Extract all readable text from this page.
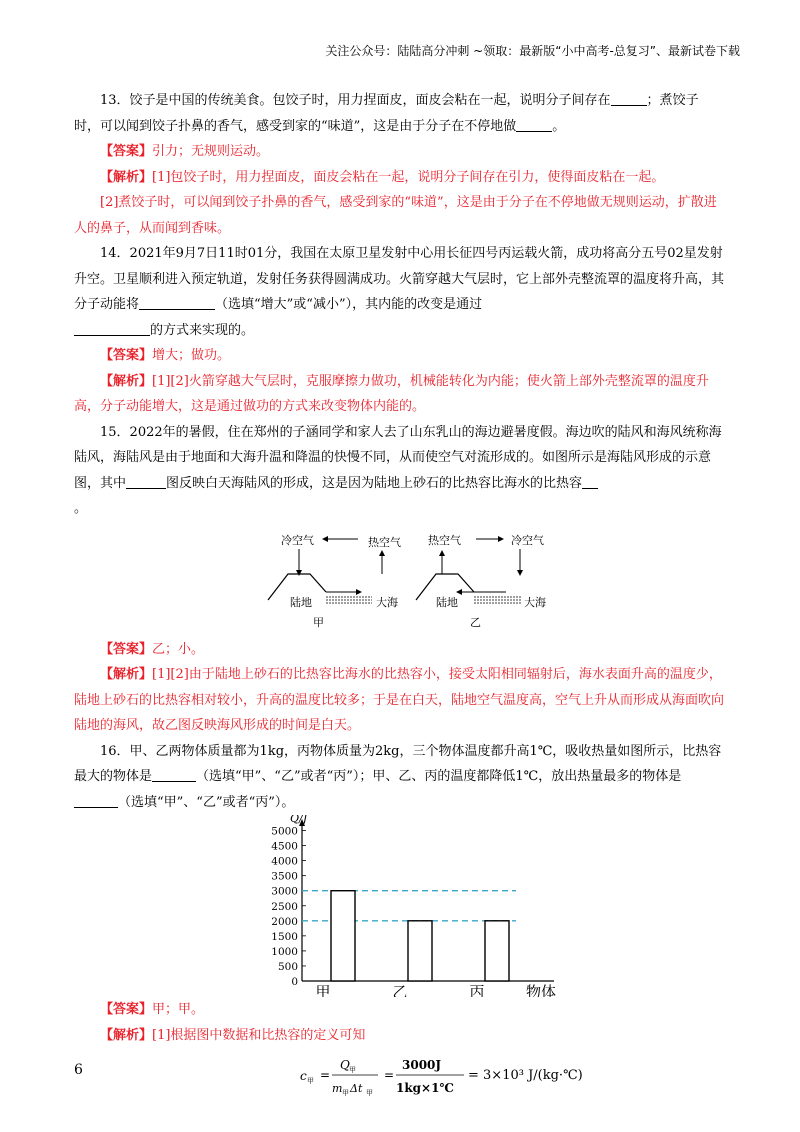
关注公众号：陆陆高分冲刺 ~领取：最新版“小中高考-总复习”、最新试卷下载

13．饺子是中国的传统美食。包饺子时，用力捏面皮，面皮会粘在一起，说明分子间存在	；煮饺子时，可以闻到饺子扑鼻的香气，感受到家的“味道”，这是由于分子在不停地做	。

【答案】引力；无规则运动。

【解析】[1]包饺子时，用力捏面皮，面皮会粘在一起，说明分子间存在引力，使得面皮粘在一起。

[2]煮饺子时，可以闻到饺子扑鼻的香气，感受到家的“味道”，这是由于分子在不停地做无规则运动，扩散进人的鼻子，从而闻到香味。

14．2021年9月7日11时01分，我国在太原卫星发射中心用长征四号丙运载火箭，成功将高分五号02星发射升空。卫星顺利进入预定轨道，发射任务获得圆满成功。火箭穿越大气层时，它上部外壳整流罩的温度将升高，其分子动能将	（选填“增大”或“减小”），其内能的改变是通过
的方式来实现的。

【答案】增大；做功。

【解析】[1][2]火箭穿越大气层时，克服摩擦力做功，机械能转化为内能；使火箭上部外壳整流罩的温度升高，分子动能增大，这是通过做功的方式来改变物体内能的。

15．2022年的暑假，住在郑州的子涵同学和家人去了山东乳山的海边避暑度假。海边吹的陆风和海风统称海陆风，海陆风是由于地面和大海升温和降温的快慢不同，从而使空气对流形成的。如图所示是海陆风形成的示意图，其中	图反映白天海陆风的形成，这是因为陆地上砂石的比热容比海水的比热容
。

冷空气	热空气
陆地	大海
甲
热空气	冷空气
陆地	大海
乙

【答案】乙；小。

【解析】[1][2]由于陆地上砂石的比热容比海水的比热容小，接受太阳相同辐射后，海水表面升高的温度少，陆地上砂石的比热容相对较小，升高的温度比较多；于是在白天，陆地空气温度高，空气上升从而形成从海面吹向陆地的海风，故乙图反映海风形成的时间是白天。

16．甲、乙两物体质量都为1kg，丙物体质量为2kg，三个物体温度都升高1℃，吸收热量如图所示，比热容最大的物体是	（选填“甲”、“乙”或者“丙”）；甲、乙、丙的温度都降低1℃，放出热量最多的物体是（选填“甲”、“乙”或者“丙”）。

Q/J
0
500
1000
1500
2000
2500
3000
3500
4000
4500
5000
甲	乙	丙	物体

【答案】甲；甲。

【解析】[1]根据图中数据和比热容的定义可知

c 甲 =
Q 甲
m 甲 Δt 甲
=
3000J
1kg×1℃
= 3×10³ J/(kg·℃)
6
